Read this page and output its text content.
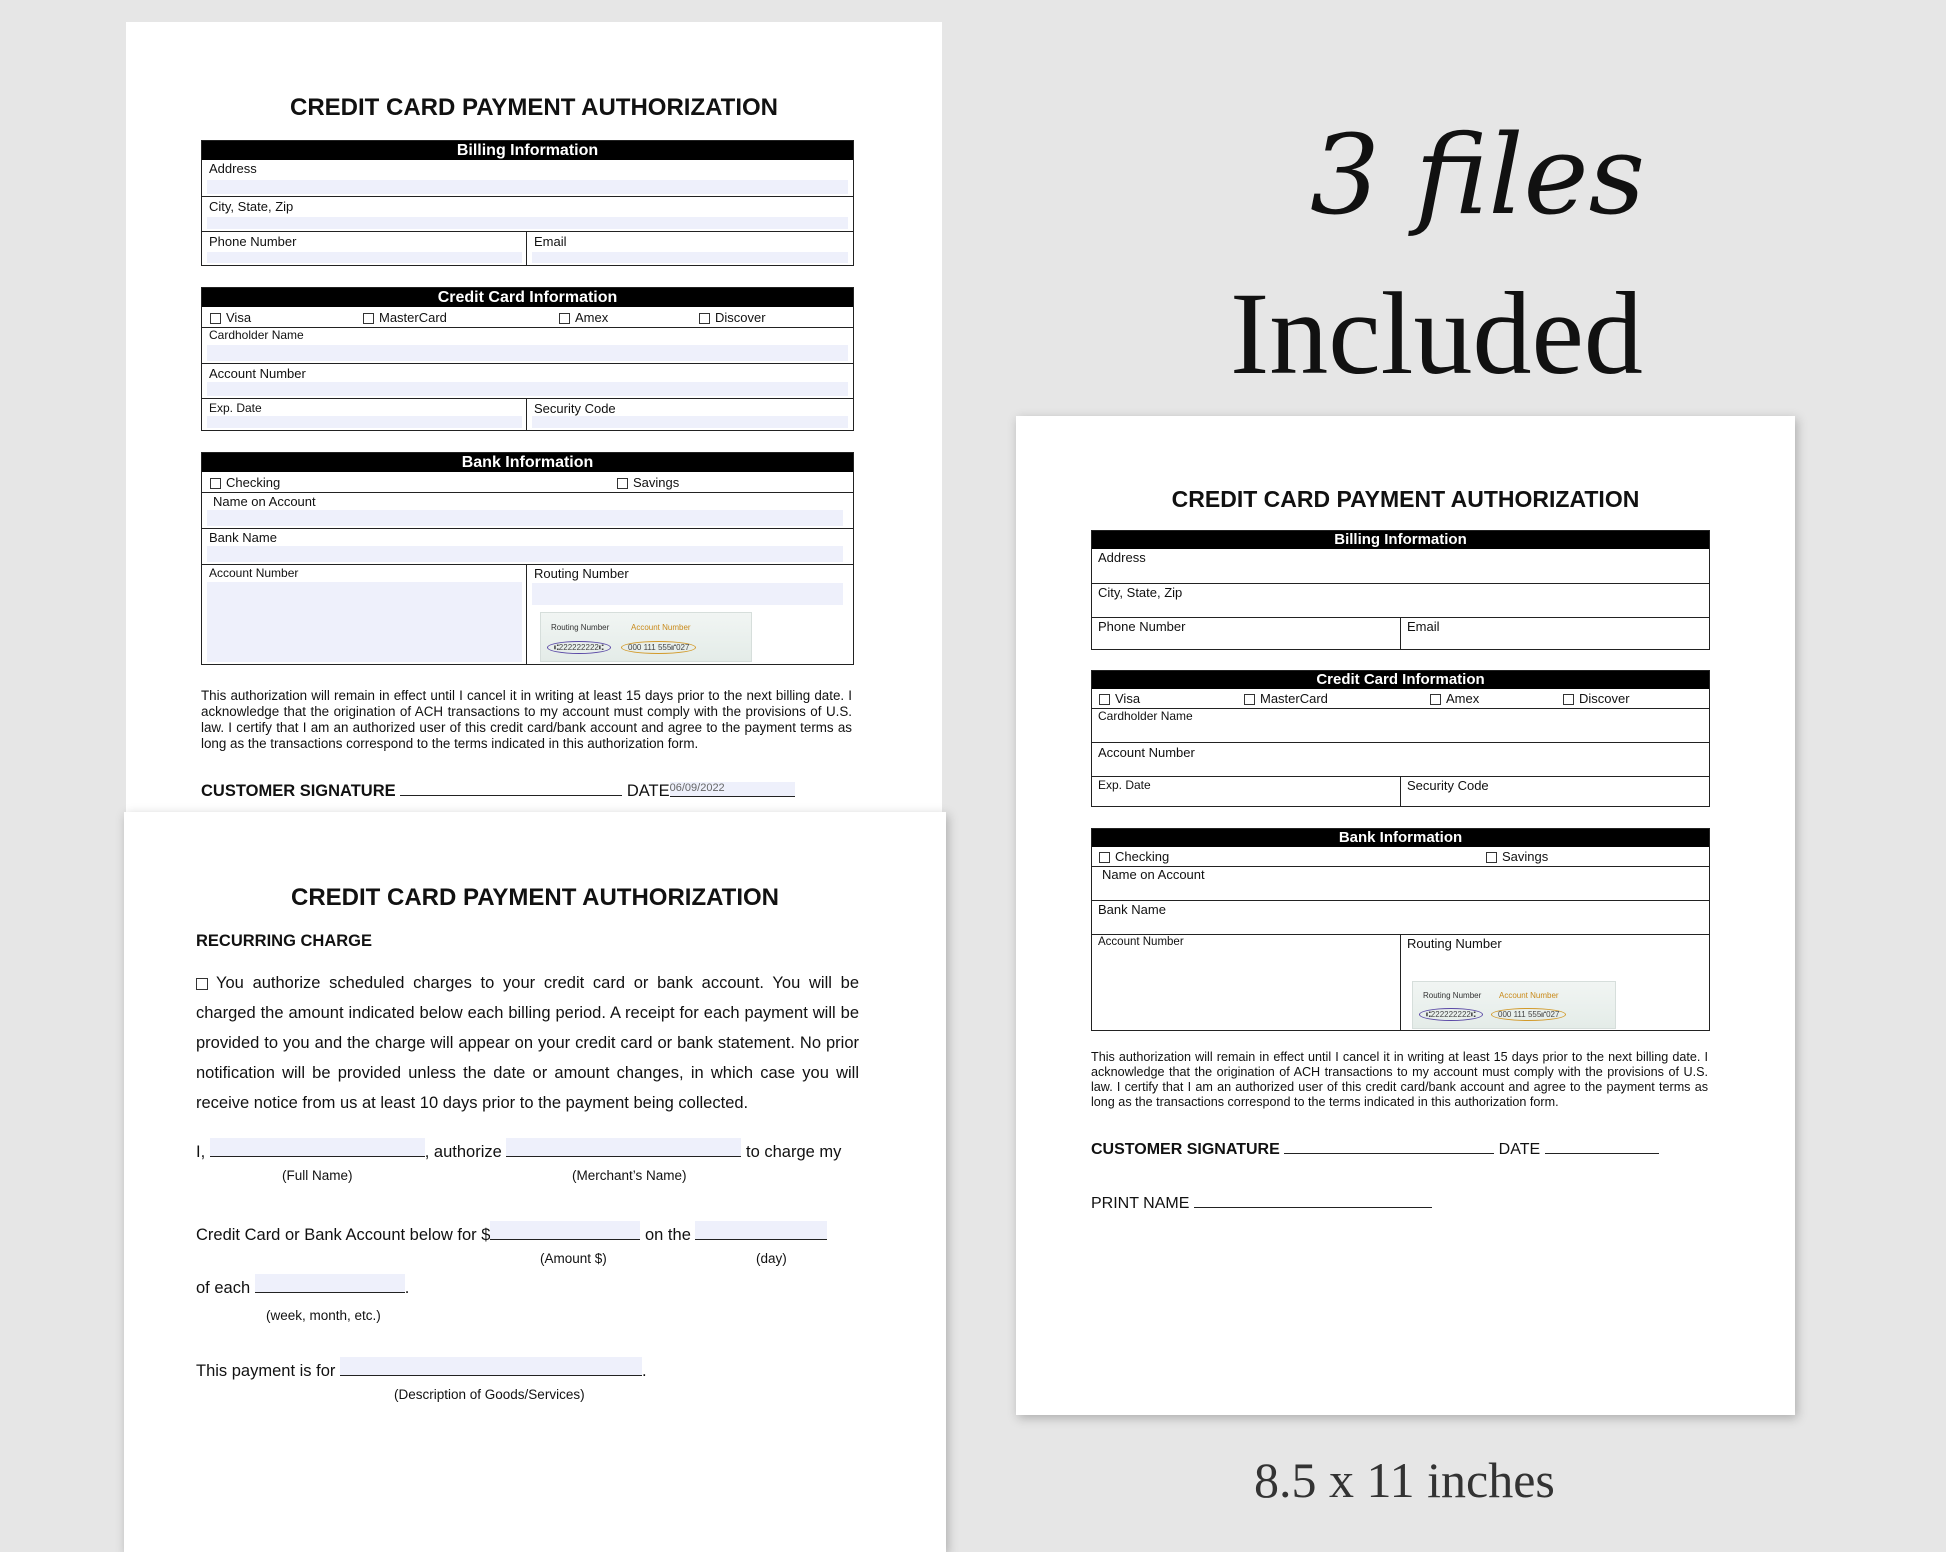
3 files
Included
8.5 x 11 inches
CREDIT CARD PAYMENT AUTHORIZATION
Billing Information
Address
City, State, Zip
Phone Number	Email
Credit Card Information
Visa	MasterCard	Amex	Discover
Cardholder Name
Account Number
Exp. Date	Security Code
Bank Information
Checking	Savings
Name on Account
Bank Name
Account Number	Routing Number
Routing Number	Account Number
⑆222222222⑆	000 111 555⑈027
This authorization will remain in effect until I cancel it in writing at least 15 days prior to the next billing date. I acknowledge that the origination of ACH transactions to my account must comply with the provisions of U.S. law. I certify that I am an authorized user of this credit card/bank account and agree to the payment terms as long as the transactions correspond to the terms indicated in this authorization form.
CUSTOMER SIGNATURE	DATE06/09/2022
CREDIT CARD PAYMENT AUTHORIZATION
RECURRING CHARGE
You authorize scheduled charges to your credit card or bank account. You will be charged the amount indicated below each billing period. A receipt for each payment will be provided to you and the charge will appear on your credit card or bank statement. No prior notification will be provided unless the date or amount changes, in which case you will receive notice from us at least 10 days prior to the payment being collected.
I,	, authorize	to charge my
(Full Name)	(Merchant’s Name)
Credit Card or Bank Account below for $	on the
(Amount $)	(day)
of each	.
(week, month, etc.)
This payment is for	.
(Description of Goods/Services)
CREDIT CARD PAYMENT AUTHORIZATION
Billing Information
Address
City, State, Zip
Phone Number	Email
Credit Card Information
Visa	MasterCard	Amex	Discover
Cardholder Name
Account Number
Exp. Date	Security Code
Bank Information
Checking	Savings
Name on Account
Bank Name
Account Number	Routing Number
Routing Number Account Number
⑆222222222⑆	000 111 555⑈027
This authorization will remain in effect until I cancel it in writing at least 15 days prior to the next billing date. I acknowledge that the origination of ACH transactions to my account must comply with the provisions of U.S. law. I certify that I am an authorized user of this credit card/bank account and agree to the payment terms as long as the transactions correspond to the terms indicated in this authorization form.
CUSTOMER SIGNATURE	DATE
PRINT NAME
